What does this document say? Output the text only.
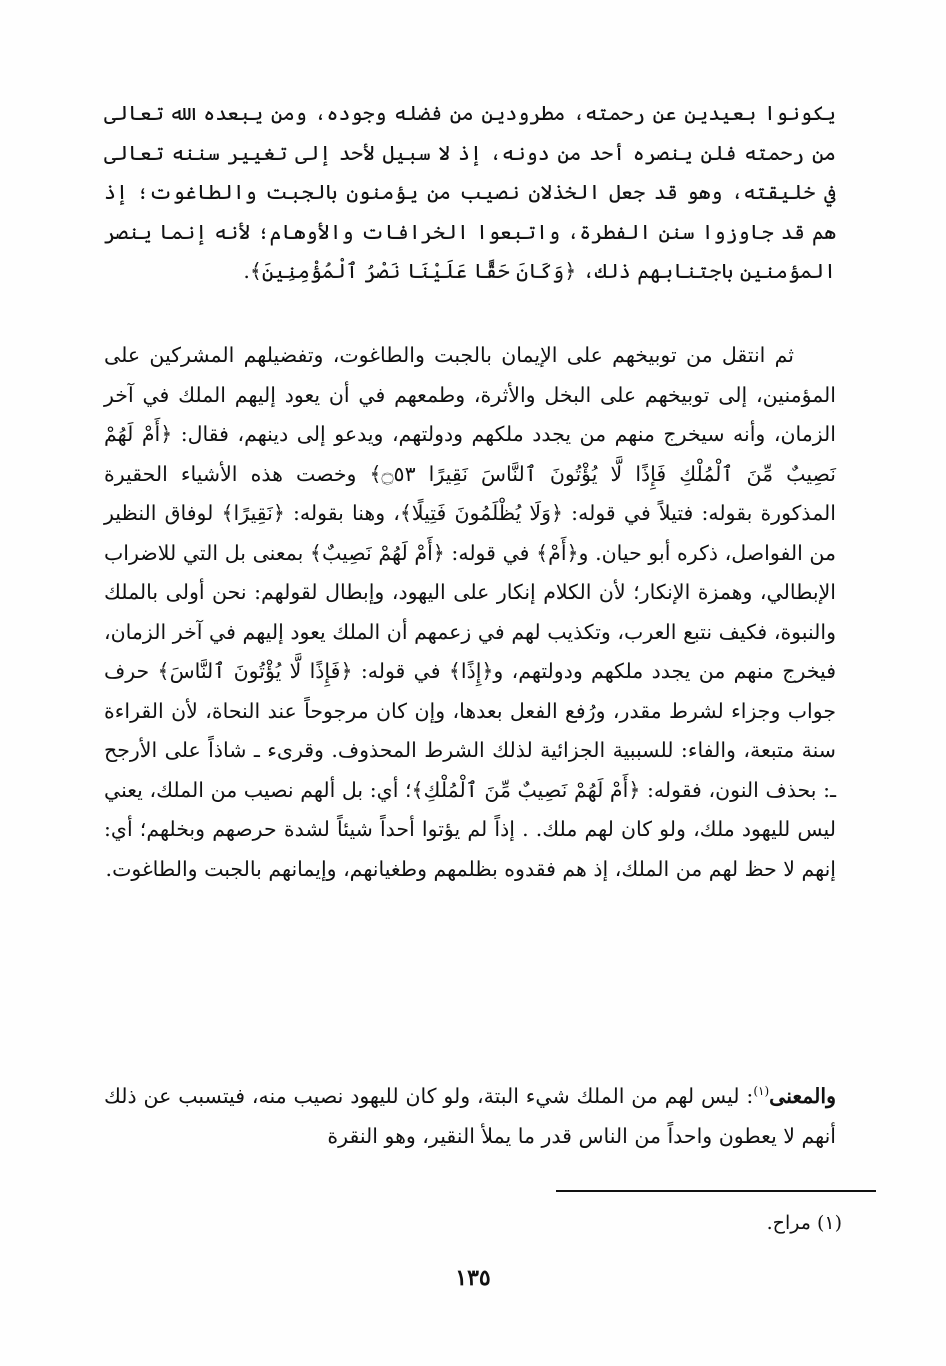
يكونوا بعيدين عن رحمته، مطرودين من فضله وجوده، ومن يبعده الله تعالى من رحمته فلن ينصره أحد من دونه، إذ لا سبيل لأحد إلى تغيير سننه تعالى في خليقته، وهو قد جعل الخذلان نصيب من يؤمنون بالجبت والطاغوت؛ إذ هم قد جاوزوا سنن الفطرة، واتبعوا الخرافات والأوهام؛ لأنه إنما ينصر المؤمنين باجتنابهم ذلك، ﴿وَكَانَ حَقًّا عَلَيْنَا نَصْرُ ٱلْمُؤْمِنِينَ﴾.

ثم انتقل من توبيخهم على الإيمان بالجبت والطاغوت، وتفضيلهم المشركين على المؤمنين، إلى توبيخهم على البخل والأثرة، وطمعهم في أن يعود إليهم الملك في آخر الزمان، وأنه سيخرج منهم من يجدد ملكهم ودولتهم، ويدعو إلى دينهم، فقال: ﴿أَمْ لَهُمْ نَصِيبٌ مِّنَ ٱلْمُلْكِ فَإِذًا لَّا يُؤْتُونَ ٱلنَّاسَ نَقِيرًا ۝٥٣﴾ وخصت هذه الأشياء الحقيرة المذكورة بقوله: فتيلاً في قوله: ﴿وَلَا يُظْلَمُونَ فَتِيلًا﴾، وهنا بقوله: ﴿نَقِيرًا﴾ لوفاق النظير من الفواصل، ذكره أبو حيان. و﴿أَمْ﴾ في قوله: ﴿أَمْ لَهُمْ نَصِيبٌ﴾ بمعنى بل التي للاضراب الإبطالي، وهمزة الإنكار؛ لأن الكلام إنكار على اليهود، وإبطال لقولهم: نحن أولى بالملك والنبوة، فكيف نتبع العرب، وتكذيب لهم في زعمهم أن الملك يعود إليهم في آخر الزمان، فيخرج منهم من يجدد ملكهم ودولتهم، و﴿إِذًا﴾ في قوله: ﴿فَإِذًا لَّا يُؤْتُونَ ٱلنَّاسَ﴾ حرف جواب وجزاء لشرط مقدر، ورُفع الفعل بعدها، وإن كان مرجوحاً عند النحاة، لأن القراءة سنة متبعة، والفاء: للسببية الجزائية لذلك الشرط المحذوف. وقرىء ـ شاذاً على الأرجح ـ: بحذف النون، فقوله: ﴿أَمْ لَهُمْ نَصِيبٌ مِّنَ ٱلْمُلْكِ﴾؛ أي: بل ألهم نصيب من الملك، يعني ليس لليهود ملك، ولو كان لهم ملك. . إذاً لم يؤتوا أحداً شيئاً لشدة حرصهم وبخلهم؛ أي: إنهم لا حظ لهم من الملك، إذ هم فقدوه بظلمهم وطغيانهم، وإيمانهم بالجبت والطاغوت.

والمعنى$^{(١)}$: ليس لهم من الملك شيء البتة، ولو كان لليهود نصيب منه، فيتسبب عن ذلك أنهم لا يعطون واحداً من الناس قدر ما يملأ النقير، وهو النقرة

(١) مراح.
١٣٥
